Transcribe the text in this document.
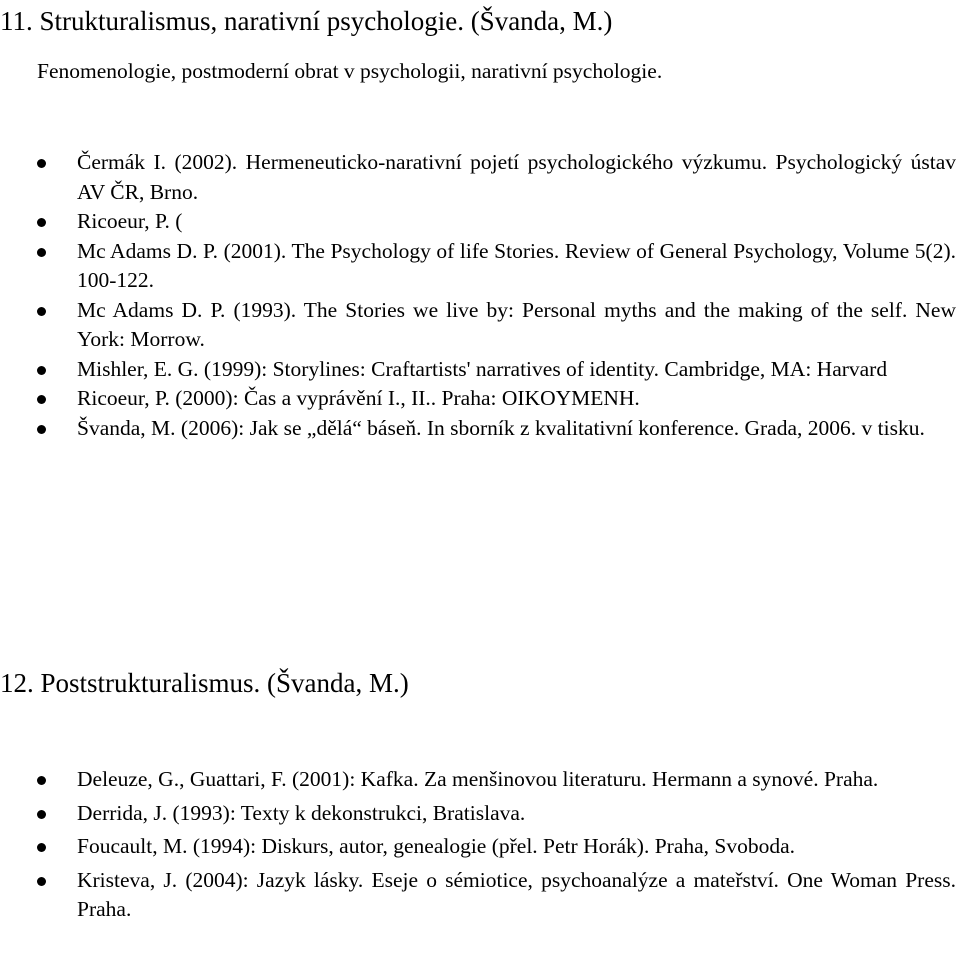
11. Strukturalismus, narativní psychologie. (Švanda, M.)

Fenomenologie, postmoderní obrat v psychologii, narativní psychologie.

Čermák I. (2002). Hermeneuticko-narativní pojetí psychologického výzkumu. Psychologický ústav AV ČR, Brno.
Ricoeur, P. (
Mc Adams D. P. (2001). The Psychology of life Stories. Review of General Psychology, Volume 5(2). 100-122.
Mc Adams D. P. (1993). The Stories we live by: Personal myths and the making of the self. New York: Morrow.
Mishler, E. G. (1999): Storylines: Craftartists' narratives of identity. Cambridge, MA: Harvard
Ricoeur, P. (2000): Čas a vyprávění I., II.. Praha: OIKOYMENH.
Švanda, M. (2006): Jak se „dělá“ báseň. In sborník z kvalitativní konference. Grada, 2006. v tisku.
12. Poststrukturalismus. (Švanda, M.)
Deleuze, G., Guattari, F. (2001): Kafka. Za menšinovou literaturu. Hermann a synové. Praha.
Derrida, J. (1993): Texty k dekonstrukci, Bratislava.
Foucault, M. (1994): Diskurs, autor, genealogie (přel. Petr Horák). Praha, Svoboda.
Kristeva, J. (2004): Jazyk lásky. Eseje o sémiotice, psychoanalýze a mateřství. One Woman Press. Praha.
